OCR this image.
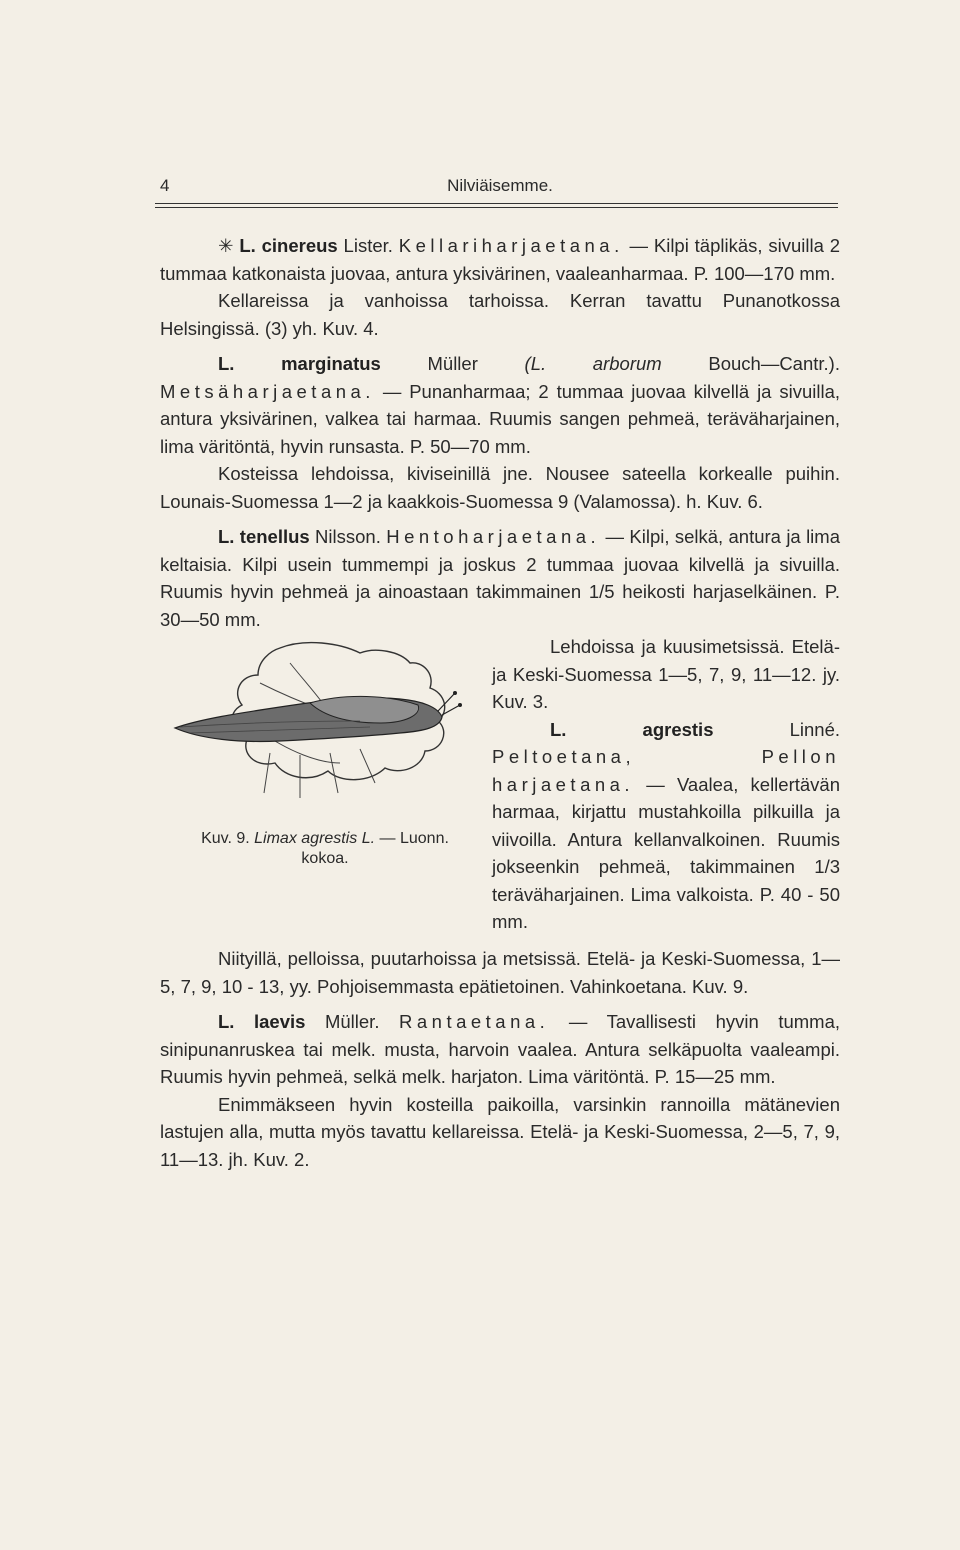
4	Nilviäisemme.

✳ L. cinereus Lister. Kellariharjaetana. — Kilpi täplikäs, sivuilla 2 tummaa katkonaista juovaa, antura yksivärinen, vaaleanharmaa. P. 100—170 mm.

Kellareissa ja vanhoissa tarhoissa. Kerran tavattu Punanotkossa Helsingissä. (3) yh. Kuv. 4.

L. marginatus Müller (L. arborum Bouch—Cantr.). Metsäharjaetana. — Punanharmaa; 2 tummaa juovaa kilvellä ja sivuilla, antura yksivärinen, valkea tai harmaa. Ruumis sangen pehmeä, teräväharjainen, lima väritöntä, hyvin runsasta. P. 50—70 mm.

Kosteissa lehdoissa, kiviseinillä jne. Nousee sateella korkealle puihin. Lounais-Suomessa 1—2 ja kaakkois-Suomessa 9 (Valamossa). h. Kuv. 6.

L. tenellus Nilsson. Hentoharjaetana. — Kilpi, selkä, antura ja lima keltaisia. Kilpi usein tummempi ja joskus 2 tummaa juovaa kilvellä ja sivuilla. Ruumis hyvin pehmeä ja ainoastaan takimmainen 1/5 heikosti harjaselkäinen. P. 30—50 mm.

Kuv. 9. Limax agrestis L. — Luonn. kokoa.

Lehdoissa ja kuusimetsissä. Etelä- ja Keski-Suomessa 1—5, 7, 9, 11—12. jy. Kuv. 3.

L. agrestis Linné. Peltoetana, Pellon harjaetana. — Vaalea, kellertävän harmaa, kirjattu mustahkoilla pilkuilla ja viivoilla. Antura kellanvalkoinen. Ruumis jokseenkin pehmeä, takimmainen 1/3 teräväharjainen. Lima valkoista. P. 40 - 50 mm.

Niityillä, pelloissa, puutarhoissa ja metsissä. Etelä- ja Keski-Suomessa, 1—5, 7, 9, 10 - 13, yy. Pohjoisemmasta epätietoinen. Vahinkoetana. Kuv. 9.

L. laevis Müller. Rantaetana. — Tavallisesti hyvin tumma, sinipunanruskea tai melk. musta, harvoin vaalea. Antura selkäpuolta vaaleampi. Ruumis hyvin pehmeä, selkä melk. harjaton. Lima väritöntä. P. 15—25 mm.

Enimmäkseen hyvin kosteilla paikoilla, varsinkin rannoilla mätänevien lastujen alla, mutta myös tavattu kellareissa. Etelä- ja Keski-Suomessa, 2—5, 7, 9, 11—13. jh. Kuv. 2.
